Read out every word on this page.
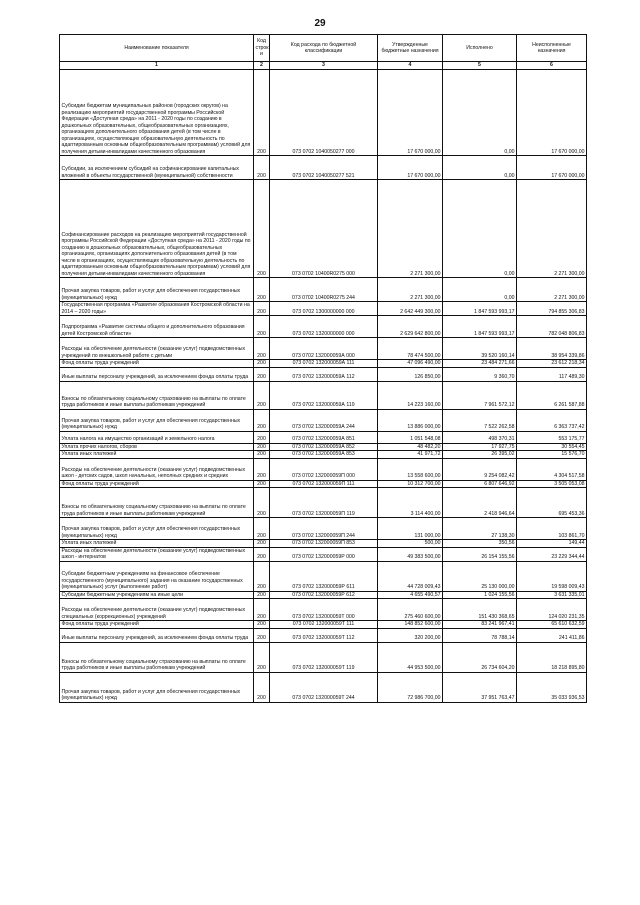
29
Наименование показателя	Код строк и	Код расхода по бюджетной классификации	Утвержденные бюджетные назначения	Исполнено	Неисполненные назначения
1	2	3	4	5	6
Субсидии бюджетам муниципальных районов (городских округов) на реализацию мероприятий государственной программы Российской Федерации «Доступная среда» на 2011 - 2020 годы по созданию в дошкольных образовательных, общеобразовательных организациях, организациях дополнительного образования детей (в том числе в организациях, осуществляющих образовательную деятельность по адаптированным основным общеобразовательным программам) условий для получения детьми-инвалидами качественного образования	200	073 0702 1040050277 000	17 670 000,00	0,00	17 670 000,00
Субсидии, за исключением субсидий на софинансирование капитальных вложений в объекты государственной (муниципальной) собственности	200	073 0702 1040050277 521	17 670 000,00	0,00	17 670 000,00
Софинансирование расходов на реализацию мероприятий государственной программы Российской Федерации «Доступная среда» на 2011 - 2020 годы по созданию в дошкольных образовательных, общеобразовательных организациях, организациях дополнительного образования детей (в том числе в организациях, осуществляющих образовательную деятельность по адаптированным основным общеобразовательным программам) условий для получения детьми-инвалидами качественного образования	200	073 0702 10400R0275 000	2 271 300,00	0,00	2 271 300,00
Прочая закупка товаров, работ и услуг для обеспечения государственных (муниципальных) нужд	200	073 0702 10400R0275 244	2 271 300,00	0,00	2 271 300,00
Государственная программа «Развитие образования Костромской области на 2014 – 2020 годы»	200	073 0702 1300000000 000	2 642 449 300,00	1 847 593 993,17	794 855 306,83
Подпрограмма «Развитие системы общего и дополнительного образования детей Костромской области»	200	073 0702 1320000000 000	2 629 642 800,00	1 847 593 993,17	782 048 806,83
Расходы на обеспечение деятельности (оказание услуг) подведомственных учреждений по внешкольной работе с детьми	200	073 0702 132000059А 000	78 474 500,00	39 520 160,14	38 954 339,86
Фонд оплаты труда учреждений	200	073 0702 132000059А 111	47 096 490,00	23 484 271,66	23 612 218,34
Иные выплаты персоналу учреждений, за исключением фонда оплаты труда	200	073 0702 132000059А 112	126 850,00	9 360,70	117 489,30
Взносы по обязательному социальному страхованию на выплаты по оплате труда работников и иные выплаты работникам учреждений	200	073 0702 132000059А 119	14 223 160,00	7 961 572,12	6 261 587,88
Прочая закупка товаров, работ и услуг для обеспечения государственных (муниципальных) нужд	200	073 0702 132000059А 244	13 886 000,00	7 522 262,58	6 363 737,42
Уплата налога на имущество организаций и земельного налога	200	073 0702 132000059А 851	1 051 548,08	498 370,31	553 175,77
Уплата прочих налогов, сборов	200	073 0702 132000059А 852	48 482,20	17 927,75	30 554,45
Уплата иных платежей	200	073 0702 132000059А 853	41 971,72	26 395,02	15 576,70
Расходы на обеспечение деятельности (оказание услуг) подведомственных школ - детских садов, школ начальных, неполных средних и средних	200	073 0702 132000059П 000	13 558 600,00	9 254 082,42	4 304 517,58
Фонд оплаты труда учреждений	200	073 0702 132000059П 111	10 312 700,00	6 807 646,92	3 505 053,08
Взносы по обязательному социальному страхованию на выплаты по оплате труда работников и иные выплаты работникам учреждений	200	073 0702 132000059П 119	3 114 400,00	2 418 946,64	695 453,36
Прочая закупка товаров, работ и услуг для обеспечения государственных (муниципальных) нужд	200	073 0702 132000059П 244	131 000,00	27 138,30	103 861,70
Уплата иных платежей	200	073 0702 132000059П 853	500,00	350,56	149,44
Расходы на обеспечение деятельности (оказание услуг) подведомственных школ - интернатов	200	073 0702 132000059Р 000	49 383 500,00	26 154 155,56	23 229 344,44
Субсидии бюджетным учреждениям на финансовое обеспечение государственного (муниципального) задания на оказание государственных (муниципальных) услуг (выполнение работ)	200	073 0702 132000059Р 611	44 728 009,43	25 130 000,00	19 598 009,43
Субсидии бюджетным учреждениям на иные цели	200	073 0702 132000059Р 612	4 655 490,57	1 024 155,56	3 631 335,01
Расходы на обеспечение деятельности (оказание услуг) подведомственных специальных (коррекционных) учреждений	200	073 0702 132000059Т 000	275 460 600,00	151 430 368,65	124 020 231,35
Фонд оплаты труда учреждений	200	073 0702 132000059Т 111	148 852 600,00	83 241 967,41	65 610 632,59
Иные выплаты персоналу учреждений, за исключением фонда оплаты труда	200	073 0702 132000059Т 112	320 200,00	78 788,14	241 411,86
Взносы по обязательному социальному страхованию на выплаты по оплате труда работников и иные выплаты работникам учреждений	200	073 0702 132000059Т 119	44 953 500,00	26 734 604,20	18 218 895,80
Прочая закупка товаров, работ и услуг для обеспечения государственных (муниципальных) нужд	200	073 0702 132000059Т 244	72 986 700,00	37 951 763,47	35 033 936,53
